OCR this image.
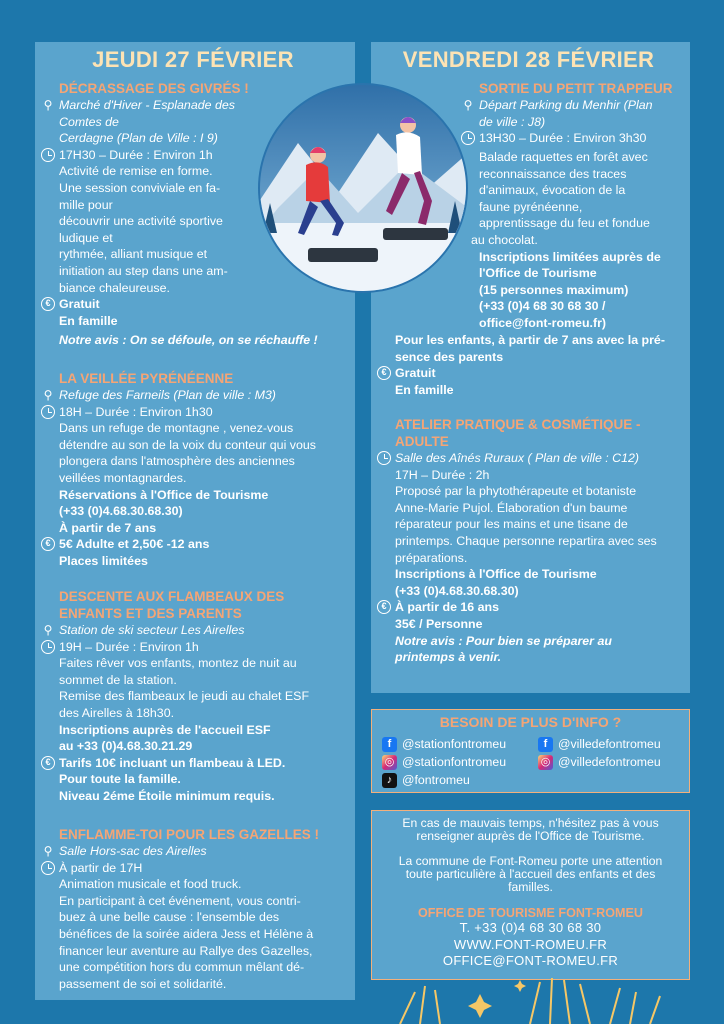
JEUDI 27 FÉVRIER
DÉCRASSAGE DES GIVRÉS !
⚲ Marché d'Hiver - Esplanade des Comtes de
Cerdagne (Plan de Ville : I 9)
17H30 – Durée : Environ 1h
Activité de remise en forme.
Une session conviviale en fa-
mille pour
découvrir une activité sportive
ludique et
rythmée, alliant musique et
initiation au step dans une am-
biance chaleureuse.
€ Gratuit
En famille
Notre avis : On se défoule, on se réchauffe !
LA VEILLÉE PYRÉNÉENNE
⚲ Refuge des Farneils (Plan de ville : M3)
18H – Durée : Environ 1h30
Dans un refuge de montagne , venez-vous
détendre au son de la voix du conteur qui vous
plongera dans l'atmosphère des anciennes
veillées montagnardes.
Réservations à l'Office de Tourisme
(+33 (0)4.68.30.68.30)
À partir de 7 ans
€ 5€ Adulte et 2,50€ -12 ans
Places limitées
DESCENTE AUX FLAMBEAUX DES
ENFANTS ET DES PARENTS
⚲ Station de ski secteur Les Airelles
19H – Durée : Environ 1h
Faites rêver vos enfants, montez de nuit au
sommet de la station.
Remise des flambeaux le jeudi au chalet ESF
des Airelles à 18h30.
Inscriptions auprès de l'accueil ESF
au +33 (0)4.68.30.21.29
€ Tarifs 10€ incluant un flambeau à LED.
Pour toute la famille.
Niveau 2éme Étoile minimum requis.
ENFLAMME-TOI POUR LES GAZELLES !
⚲ Salle Hors-sac des Airelles
À partir de 17H
Animation musicale et food truck.
En participant à cet événement, vous contri-
buez à une belle cause : l'ensemble des
bénéfices de la soirée aidera Jess et Hélène à
financer leur aventure au Rallye des Gazelles,
une compétition hors du commun mêlant dé-
passement de soi et solidarité.
VENDREDI 28 FÉVRIER
SORTIE DU PETIT TRAPPEUR
⚲ Départ Parking du Menhir (Plan
de ville : J8)
13H30 – Durée : Environ 3h30
Balade raquettes en forêt avec
reconnaissance des traces
d'animaux, évocation de la
faune pyrénéenne,
apprentissage du feu et fondue
au chocolat.
Inscriptions limitées auprès de
l'Office de Tourisme
(15 personnes maximum)
(+33 (0)4 68 30 68 30 /
office@font-romeu.fr)
Pour les enfants, à partir de 7 ans avec la pré-
sence des parents
€ Gratuit
En famille
ATELIER PRATIQUE & COSMÉTIQUE -
ADULTE
Salle des Aînés Ruraux ( Plan de ville : C12)
17H – Durée : 2h
Proposé par la phytothérapeute et botaniste
Anne-Marie Pujol. Élaboration d'un baume
réparateur pour les mains et une tisane de
printemps. Chaque personne repartira avec ses
préparations.
Inscriptions à l'Office de Tourisme
(+33 (0)4.68.30.68.30)
€ À partir de 16 ans
35€ / Personne
Notre avis : Pour bien se préparer au
printemps à venir.
BESOIN DE PLUS D'INFO ?
f @stationfontromeu	f @villedefontromeu
◎ @stationfontromeu	◎ @villedefontromeu
♪ @fontromeu
En cas de mauvais temps, n'hésitez pas à vous
renseigner auprès de l'Office de Tourisme.
La commune de Font-Romeu porte une attention
toute particulière à l'accueil des enfants et des
familles.
OFFICE DE TOURISME FONT-ROMEU
T. +33 (0)4 68 30 68 30
WWW.FONT-ROMEU.FR
OFFICE@FONT-ROMEU.FR
